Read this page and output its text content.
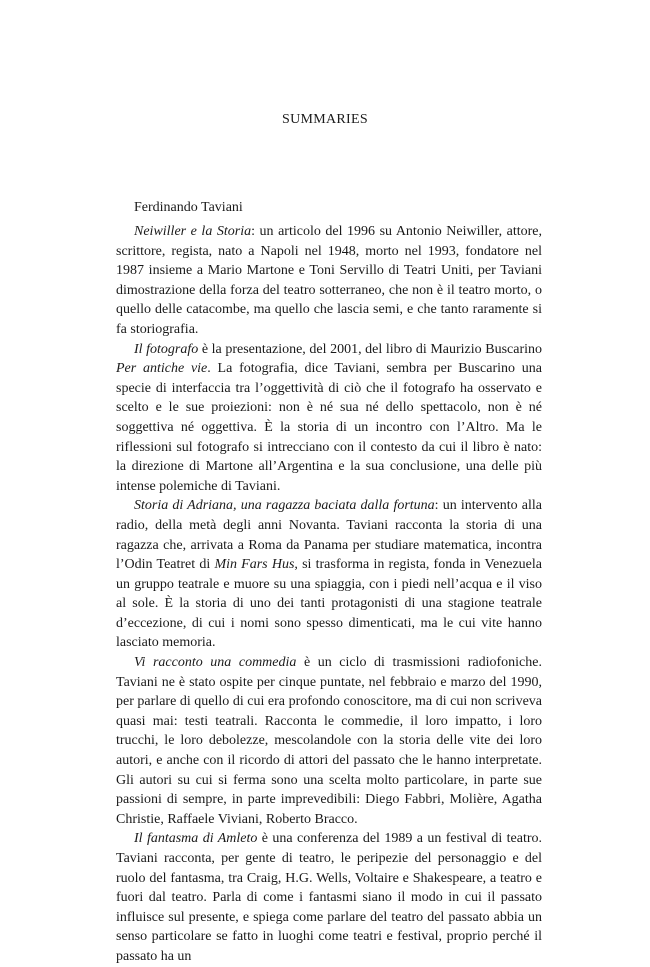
SUMMARIES
Ferdinando Taviani

Neiwiller e la Storia: un articolo del 1996 su Antonio Neiwiller, attore, scrittore, regista, nato a Napoli nel 1948, morto nel 1993, fondatore nel 1987 insieme a Mario Martone e Toni Servillo di Teatri Uniti, per Taviani dimostrazione della forza del teatro sotterraneo, che non è il teatro morto, o quello delle catacombe, ma quello che lascia semi, e che tanto raramente si fa storiografia.

Il fotografo è la presentazione, del 2001, del libro di Maurizio Buscarino Per antiche vie. La fotografia, dice Taviani, sembra per Buscarino una specie di interfaccia tra l’oggettività di ciò che il fotografo ha osservato e scelto e le sue proiezioni: non è né sua né dello spettacolo, non è né soggettiva né oggettiva. È la storia di un incontro con l’Altro. Ma le riflessioni sul fotografo si intrecciano con il contesto da cui il libro è nato: la direzione di Martone all’Argentina e la sua conclusione, una delle più intense polemiche di Taviani.

Storia di Adriana, una ragazza baciata dalla fortuna: un intervento alla radio, della metà degli anni Novanta. Taviani racconta la storia di una ragazza che, arrivata a Roma da Panama per studiare matematica, incontra l’Odin Teatret di Min Fars Hus, si trasforma in regista, fonda in Venezuela un gruppo teatrale e muore su una spiaggia, con i piedi nell’acqua e il viso al sole. È la storia di uno dei tanti protagonisti di una stagione teatrale d’eccezione, di cui i nomi sono spesso dimenticati, ma le cui vite hanno lasciato memoria.

Vi racconto una commedia è un ciclo di trasmissioni radiofoniche. Taviani ne è stato ospite per cinque puntate, nel febbraio e marzo del 1990, per parlare di quello di cui era profondo conoscitore, ma di cui non scriveva quasi mai: testi teatrali. Racconta le commedie, il loro impatto, i loro trucchi, le loro debolezze, mescolandole con la storia delle vite dei loro autori, e anche con il ricordo di attori del passato che le hanno interpretate. Gli autori su cui si ferma sono una scelta molto particolare, in parte sue passioni di sempre, in parte imprevedibili: Diego Fabbri, Molière, Agatha Christie, Raffaele Viviani, Roberto Bracco.

Il fantasma di Amleto è una conferenza del 1989 a un festival di teatro. Taviani racconta, per gente di teatro, le peripezie del personaggio e del ruolo del fantasma, tra Craig, H.G. Wells, Voltaire e Shakespeare, a teatro e fuori dal teatro. Parla di come i fantasmi siano il modo in cui il passato influisce sul presente, e spiega come parlare del teatro del passato abbia un senso particolare se fatto in luoghi come teatri e festival, proprio perché il passato ha un
